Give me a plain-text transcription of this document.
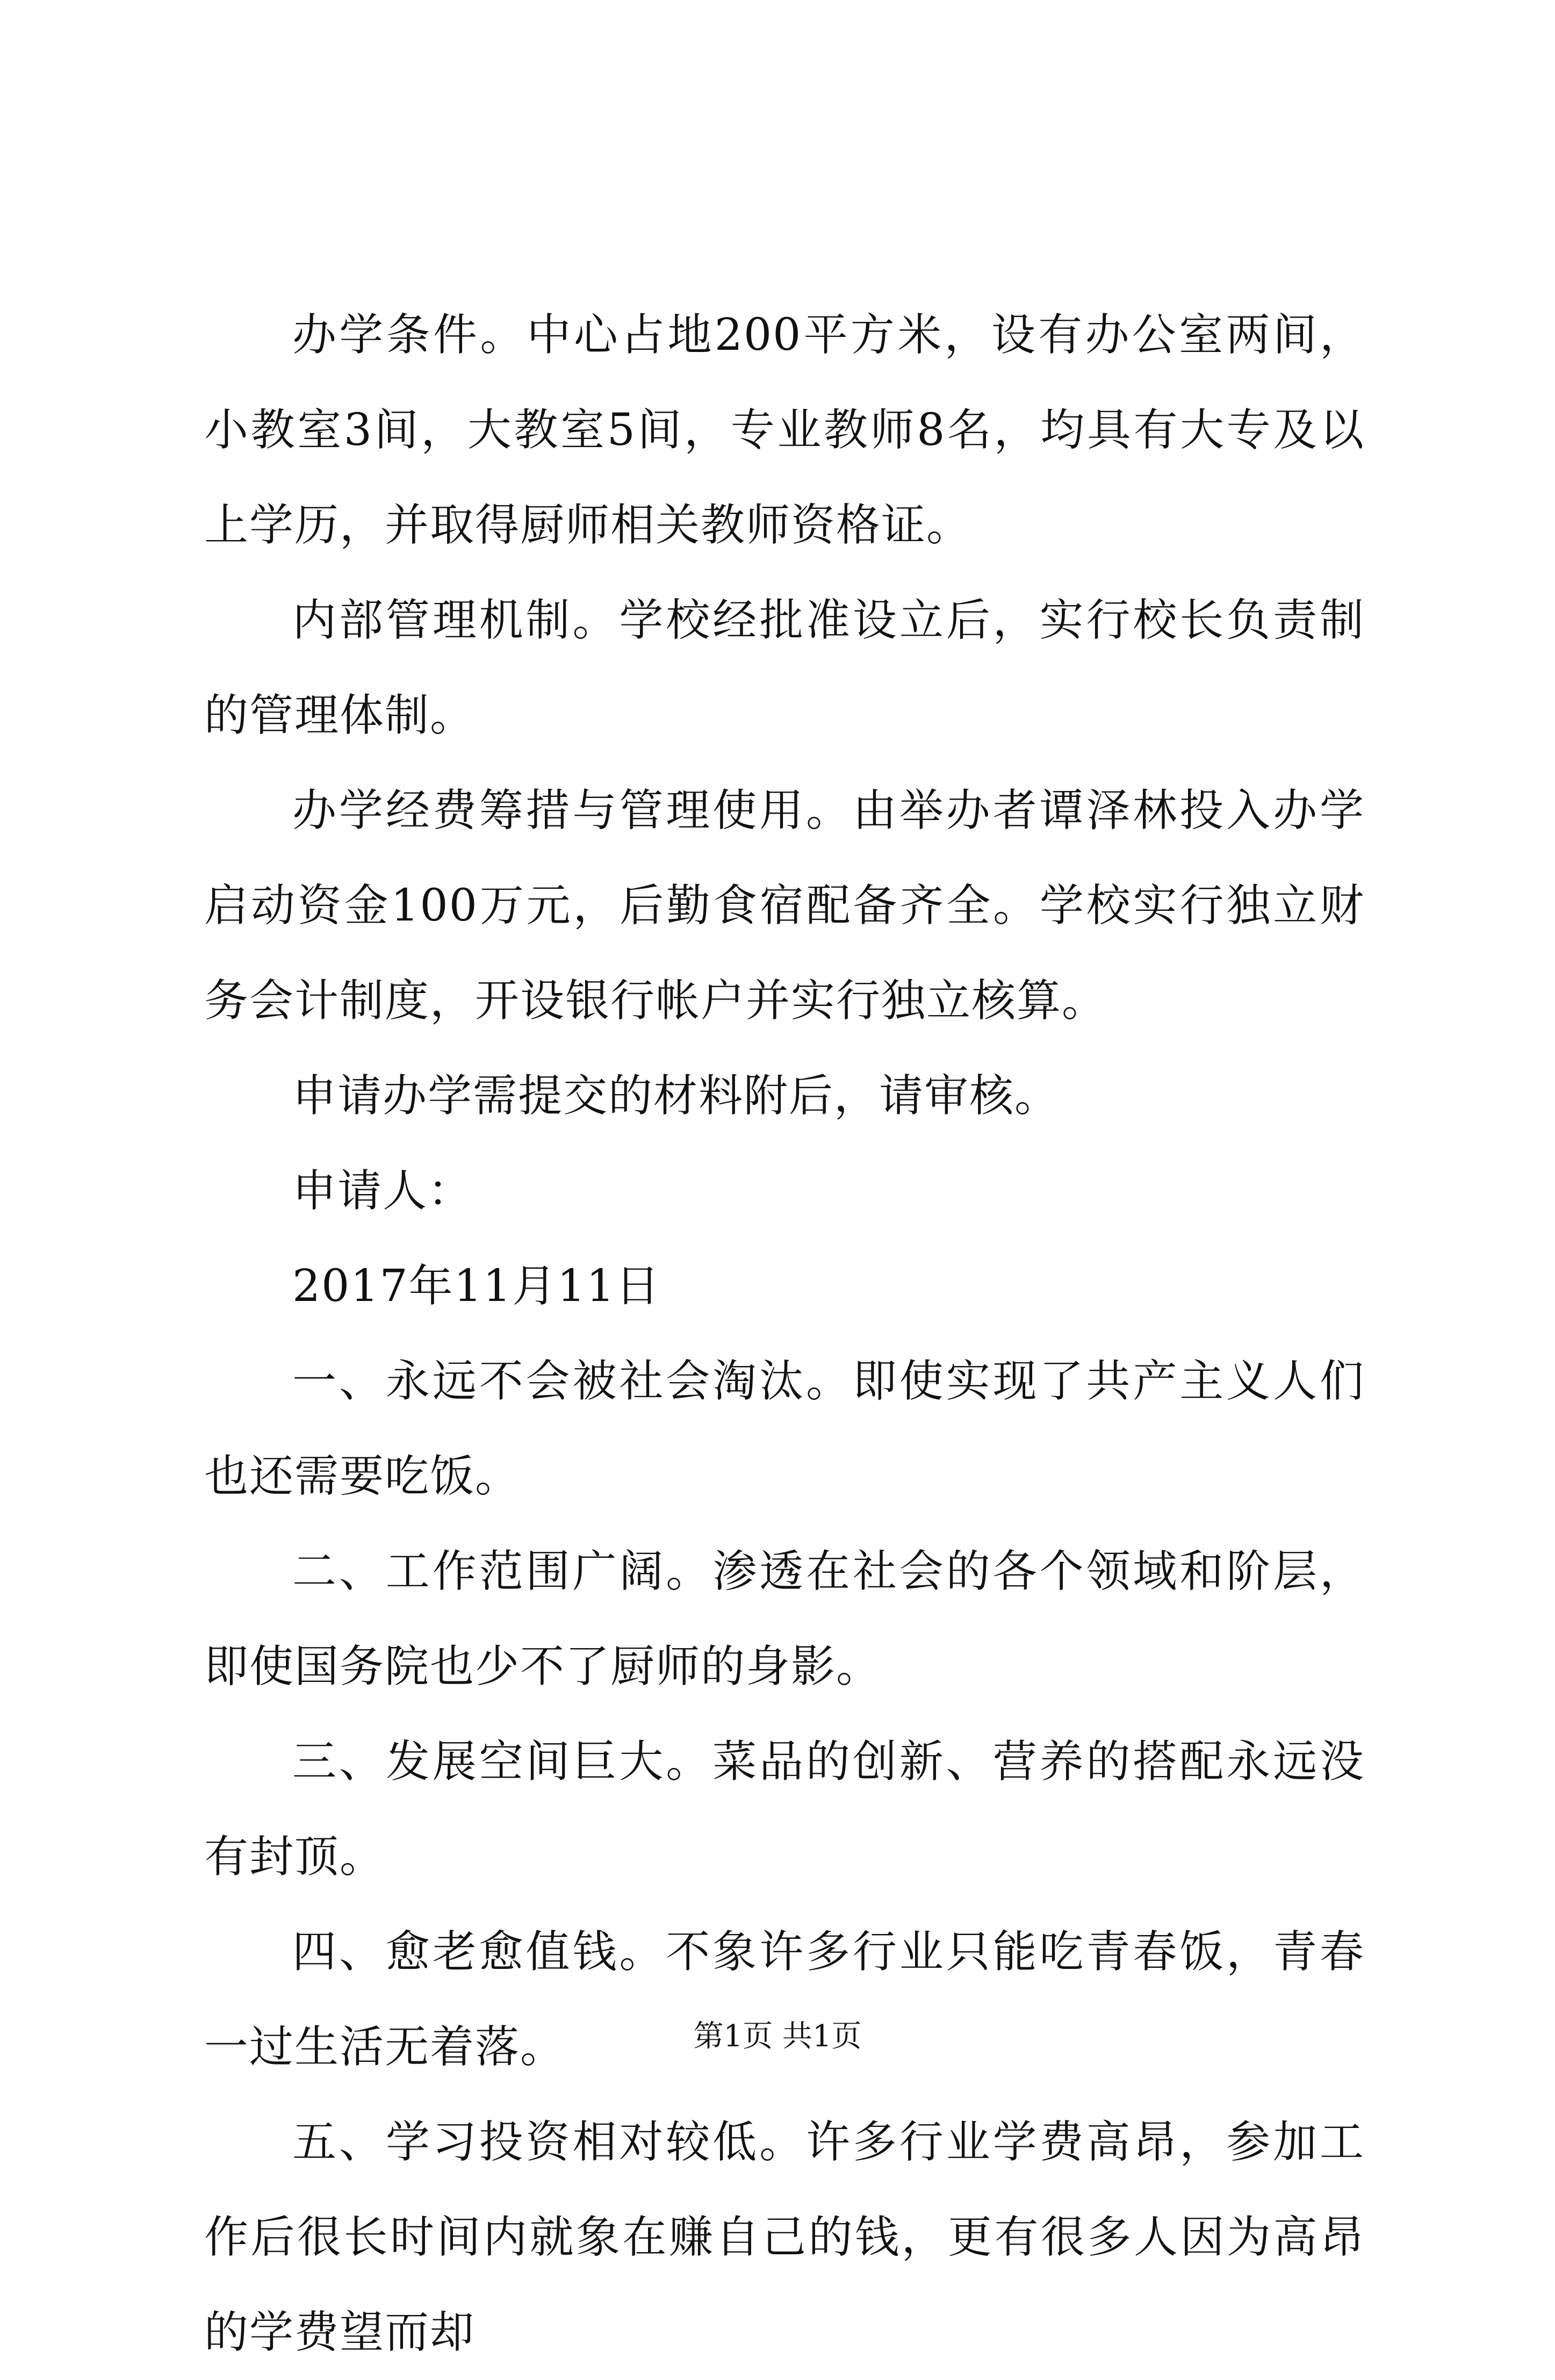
办学条件。中心占地200平方米，设有办公室两间，小教室3间，大教室5间，专业教师8名，均具有大专及以上学历，并取得厨师相关教师资格证。

内部管理机制。学校经批准设立后，实行校长负责制的管理体制。

办学经费筹措与管理使用。由举办者谭泽林投入办学启动资金100万元，后勤食宿配备齐全。学校实行独立财务会计制度，开设银行帐户并实行独立核算。

申请办学需提交的材料附后，请审核。

申请人：

2017年11月11日

一、永远不会被社会淘汰。即使实现了共产主义人们也还需要吃饭。

二、工作范围广阔。渗透在社会的各个领域和阶层，即使国务院也少不了厨师的身影。

三、发展空间巨大。菜品的创新、营养的搭配永远没有封顶。

四、愈老愈值钱。不象许多行业只能吃青春饭，青春一过生活无着落。

五、学习投资相对较低。许多行业学费高昂，参加工作后很长时间内就象在赚自己的钱，更有很多人因为高昂的学费望而却

第1页 共1页
